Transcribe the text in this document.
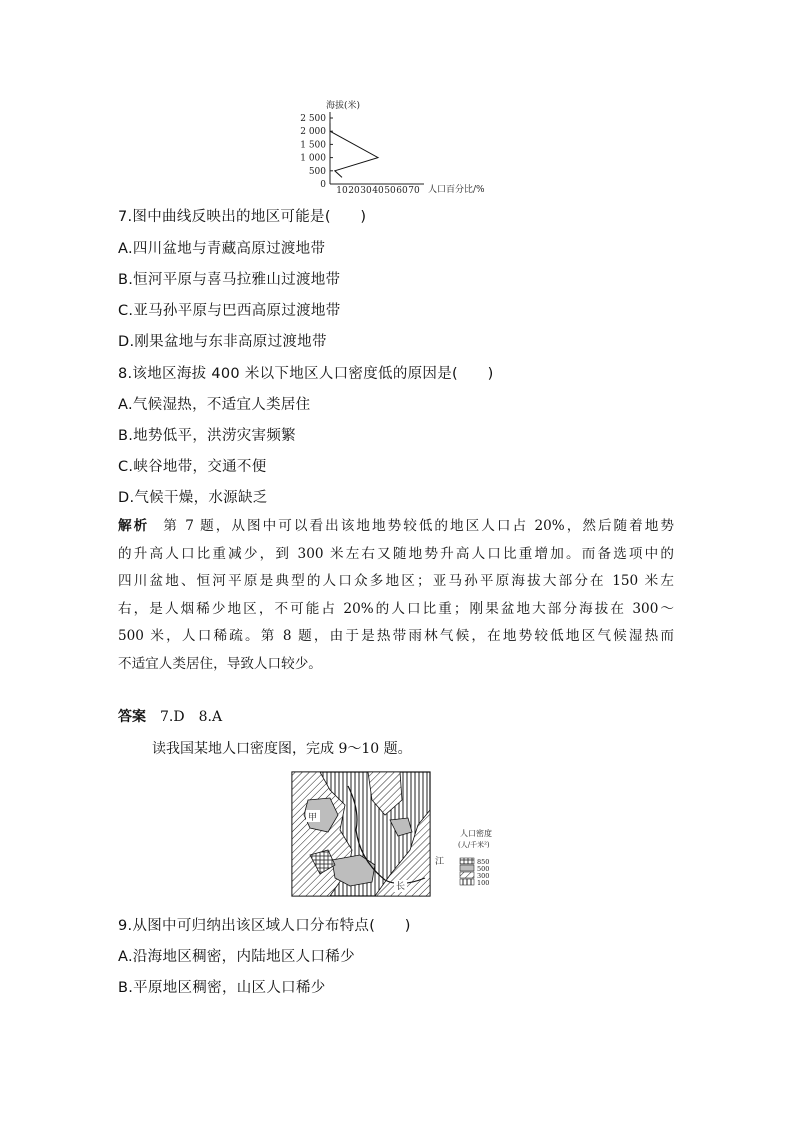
海拔(米)
2 500
2 000
1 500
1 000
500
0
10 20 30 40 50 60 70 人口百分比/%
7.图中曲线反映出的地区可能是(　　)
A.四川盆地与青藏高原过渡地带
B.恒河平原与喜马拉雅山过渡地带
C.亚马孙平原与巴西高原过渡地带
D.刚果盆地与东非高原过渡地带
8.该地区海拔 400 米以下地区人口密度低的原因是(　　)
A.气候湿热，不适宜人类居住
B.地势低平，洪涝灾害频繁
C.峡谷地带，交通不便
D.气候干燥，水源缺乏
解析 第 7 题，从图中可以看出该地地势较低的地区人口占 20%，然后随着地势
的升高人口比重减少，到 300 米左右又随地势升高人口比重增加。而备选项中的
四川盆地、恒河平原是典型的人口众多地区；亚马孙平原海拔大部分在 150 米左
右，是人烟稀少地区，不可能占 20%的人口比重；刚果盆地大部分海拔在 300～
500 米，人口稀疏。第 8 题，由于是热带雨林气候，在地势较低地区气候湿热而
不适宜人类居住，导致人口较少。
答案 7.D 8.A
读我国某地人口密度图，完成 9～10 题。
甲
江
长
人口密度
(人/千米²)
850
500
300
100
9.从图中可归纳出该区域人口分布特点(　　)
A.沿海地区稠密，内陆地区人口稀少
B.平原地区稠密，山区人口稀少
